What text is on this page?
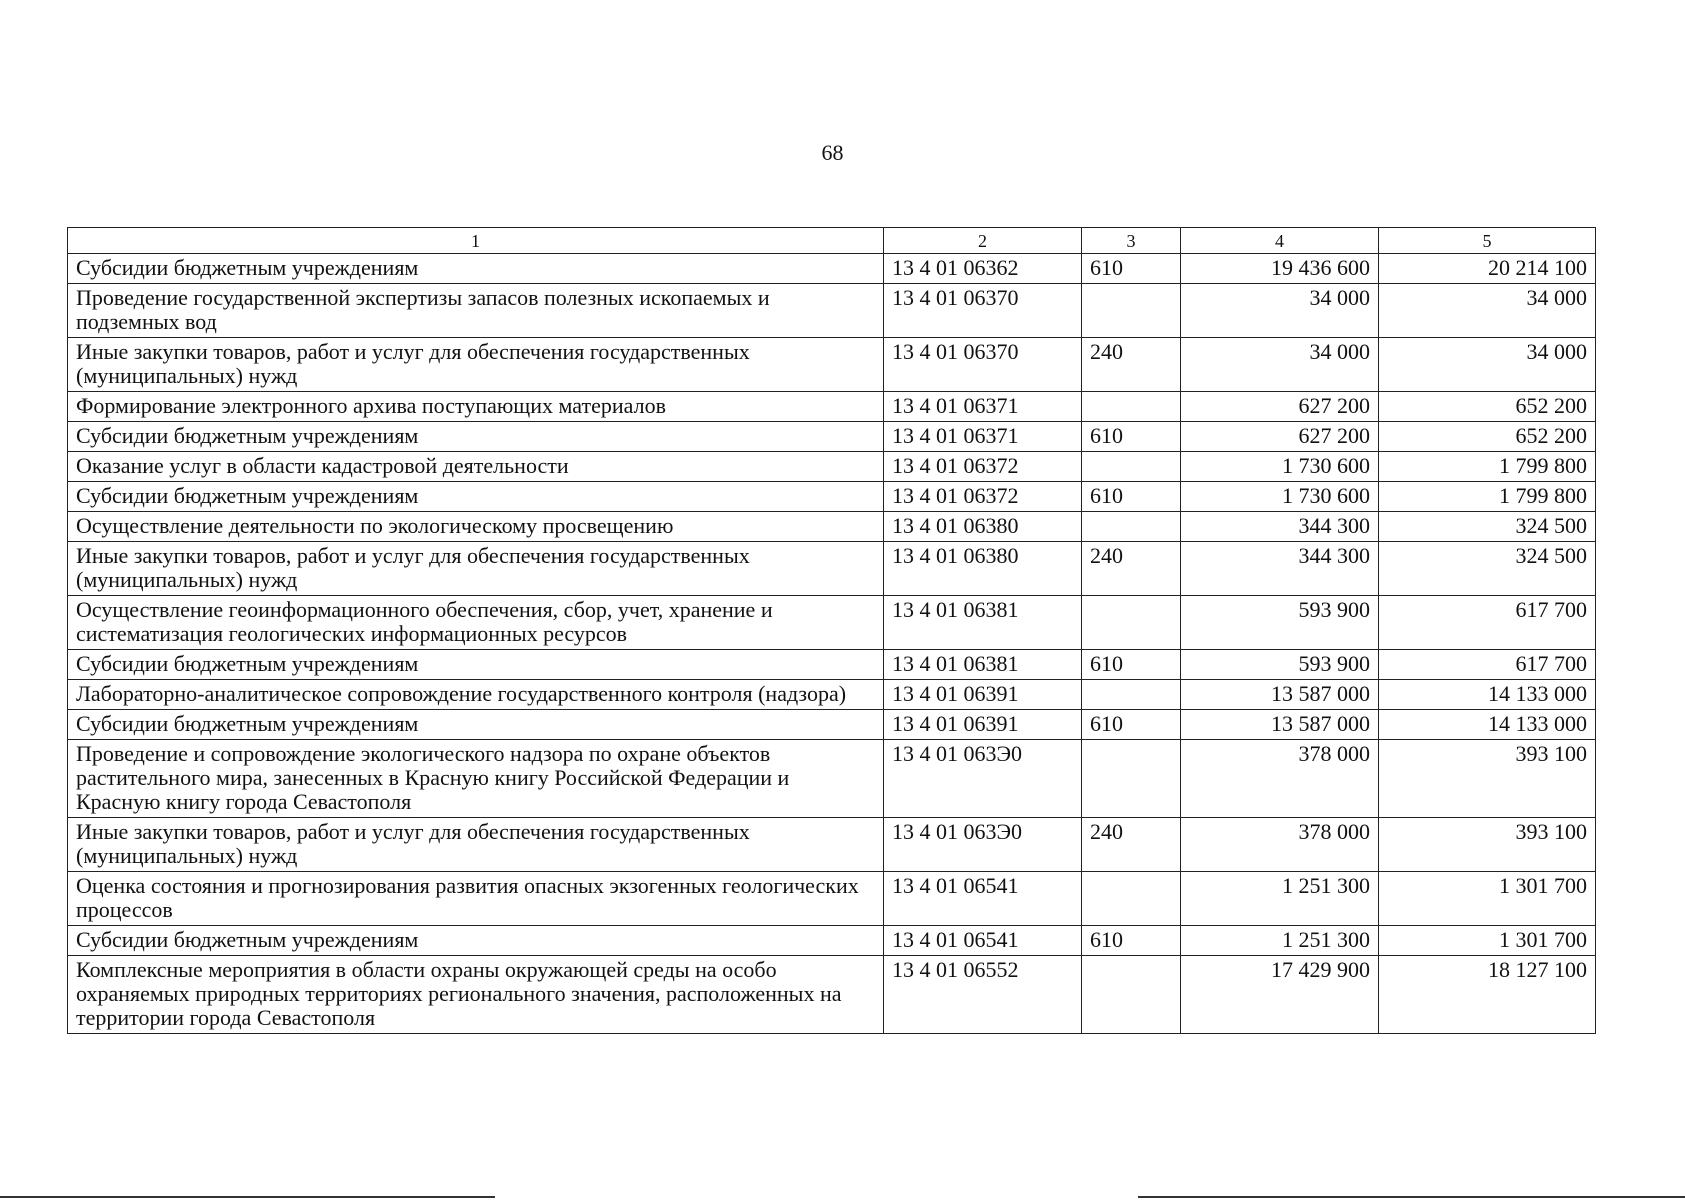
68
1	2	3	4	5
Субсидии бюджетным учреждениям	13 4 01 06362	610	19 436 600	20 214 100
Проведение государственной экспертизы запасов полезных ископаемых и подземных вод	13 4 01 06370		34 000	34 000
Иные закупки товаров, работ и услуг для обеспечения государственных (муниципальных) нужд	13 4 01 06370	240	34 000	34 000
Формирование электронного архива поступающих материалов	13 4 01 06371		627 200	652 200
Субсидии бюджетным учреждениям	13 4 01 06371	610	627 200	652 200
Оказание услуг в области кадастровой деятельности	13 4 01 06372		1 730 600	1 799 800
Субсидии бюджетным учреждениям	13 4 01 06372	610	1 730 600	1 799 800
Осуществление деятельности по экологическому просвещению	13 4 01 06380		344 300	324 500
Иные закупки товаров, работ и услуг для обеспечения государственных (муниципальных) нужд	13 4 01 06380	240	344 300	324 500
Осуществление геоинформационного обеспечения, сбор, учет, хранение и систематизация геологических информационных ресурсов	13 4 01 06381		593 900	617 700
Субсидии бюджетным учреждениям	13 4 01 06381	610	593 900	617 700
Лабораторно-аналитическое сопровождение государственного контроля (надзора)	13 4 01 06391		13 587 000	14 133 000
Субсидии бюджетным учреждениям	13 4 01 06391	610	13 587 000	14 133 000
Проведение и сопровождение экологического надзора по охране объектов растительного мира, занесенных в Красную книгу Российской Федерации и Красную книгу города Севастополя	13 4 01 063Э0		378 000	393 100
Иные закупки товаров, работ и услуг для обеспечения государственных (муниципальных) нужд	13 4 01 063Э0	240	378 000	393 100
Оценка состояния и прогнозирования развития опасных экзогенных геологических процессов	13 4 01 06541		1 251 300	1 301 700
Субсидии бюджетным учреждениям	13 4 01 06541	610	1 251 300	1 301 700
Комплексные мероприятия в области охраны окружающей среды на особо охраняемых природных территориях регионального значения, расположенных на территории города Севастополя	13 4 01 06552		17 429 900	18 127 100
